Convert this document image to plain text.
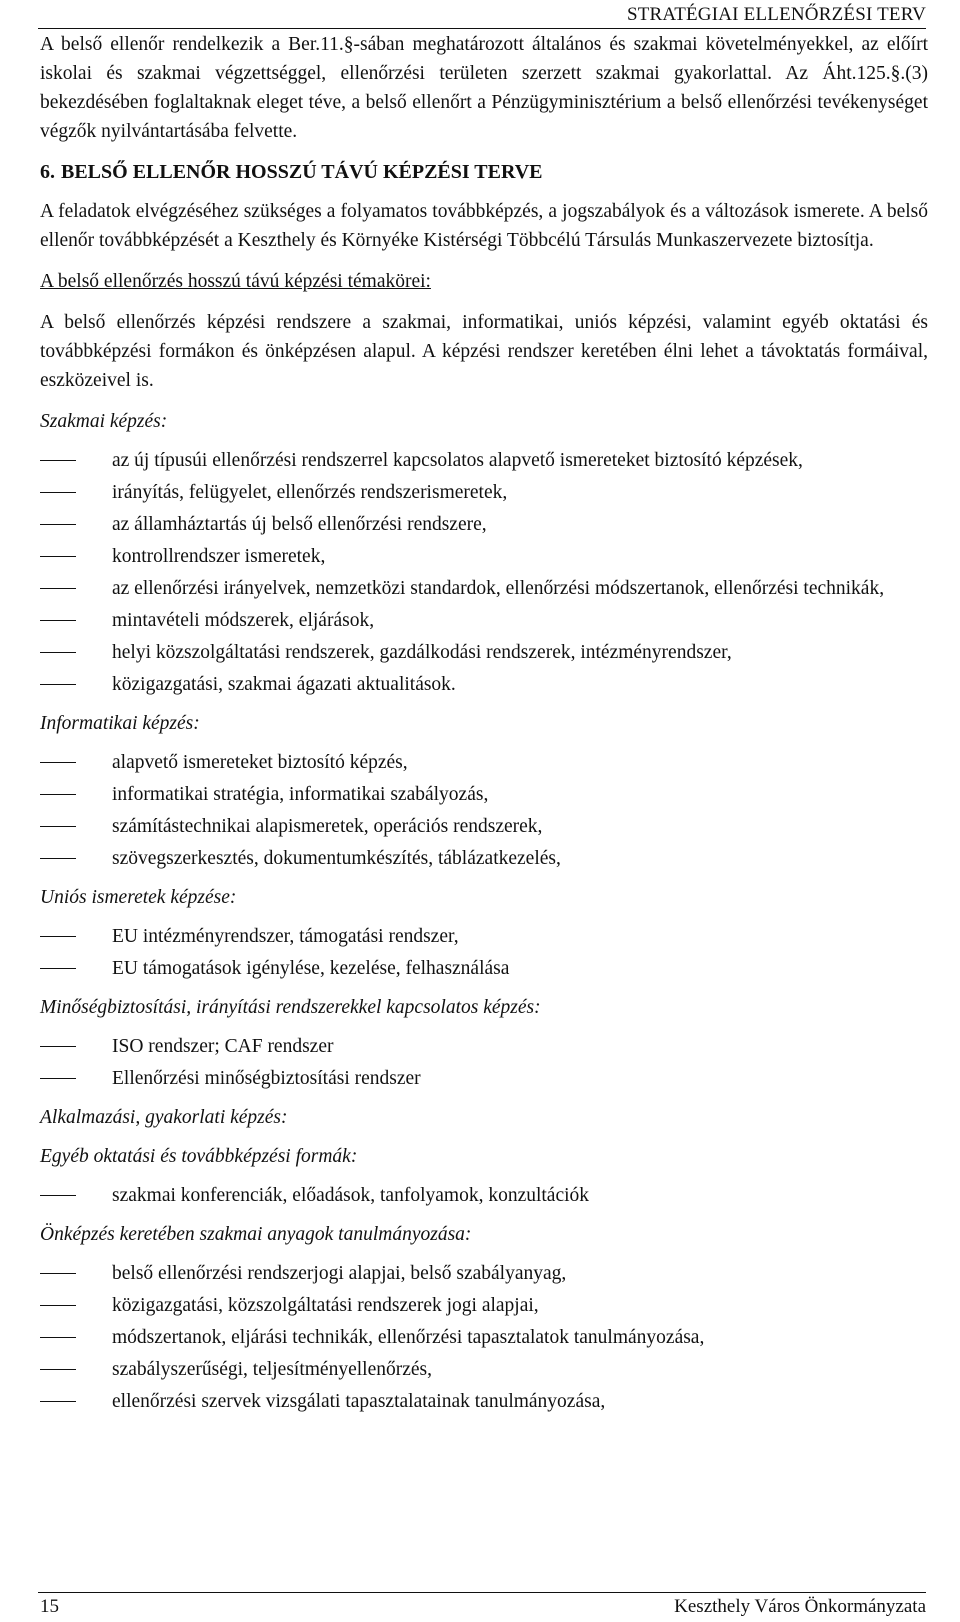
STRATÉGIAI ELLENŐRZÉSI TERV

A belső ellenőr rendelkezik a Ber.11.§-sában meghatározott általános és szakmai követelményekkel, az előírt iskolai és szakmai végzettséggel, ellenőrzési területen szerzett szakmai gyakorlattal. Az Áht.125.§.(3) bekezdésében foglaltaknak eleget téve, a belső ellenőrt a Pénzügyminisztérium a belső ellenőrzési tevékenységet végzők nyilvántartásába felvette.

6. BELSŐ ELLENŐR HOSSZÚ TÁVÚ KÉPZÉSI TERVE

A feladatok elvégzéséhez szükséges a folyamatos továbbképzés, a jogszabályok és a változások ismerete. A belső ellenőr továbbképzését a Keszthely és Környéke Kistérségi Többcélú Társulás Munkaszervezete biztosítja.

A belső ellenőrzés hosszú távú képzési témakörei:

A belső ellenőrzés képzési rendszere a szakmai, informatikai, uniós képzési, valamint egyéb oktatási és továbbképzési formákon és önképzésen alapul. A képzési rendszer keretében élni lehet a távoktatás formáival, eszközeivel is.

Szakmai képzés:
az új típusúi ellenőrzési rendszerrel kapcsolatos alapvető ismereteket biztosító képzések,
irányítás, felügyelet, ellenőrzés rendszerismeretek,
az államháztartás új belső ellenőrzési rendszere,
kontrollrendszer ismeretek,
az ellenőrzési irányelvek, nemzetközi standardok, ellenőrzési módszertanok, ellenőrzési technikák,
mintavételi módszerek, eljárások,
helyi közszolgáltatási rendszerek, gazdálkodási rendszerek, intézményrendszer,
közigazgatási, szakmai ágazati aktualitások.
Informatikai képzés:
alapvető ismereteket biztosító képzés,
informatikai stratégia, informatikai szabályozás,
számítástechnikai alapismeretek, operációs rendszerek,
szövegszerkesztés, dokumentumkészítés, táblázatkezelés,
Uniós ismeretek képzése:
EU intézményrendszer, támogatási rendszer,
EU támogatások igénylése, kezelése, felhasználása
Minőségbiztosítási, irányítási rendszerekkel kapcsolatos képzés:
ISO rendszer; CAF rendszer
Ellenőrzési minőségbiztosítási rendszer
Alkalmazási, gyakorlati képzés:
Egyéb oktatási és továbbképzési formák:
szakmai konferenciák, előadások, tanfolyamok, konzultációk
Önképzés keretében szakmai anyagok tanulmányozása:
belső ellenőrzési rendszerjogi alapjai, belső szabályanyag,
közigazgatási, közszolgáltatási rendszerek jogi alapjai,
módszertanok, eljárási technikák, ellenőrzési tapasztalatok tanulmányozása,
szabályszerűségi, teljesítményellenőrzés,
ellenőrzési szervek vizsgálati tapasztalatainak tanulmányozása,
15	Keszthely Város Önkormányzata
